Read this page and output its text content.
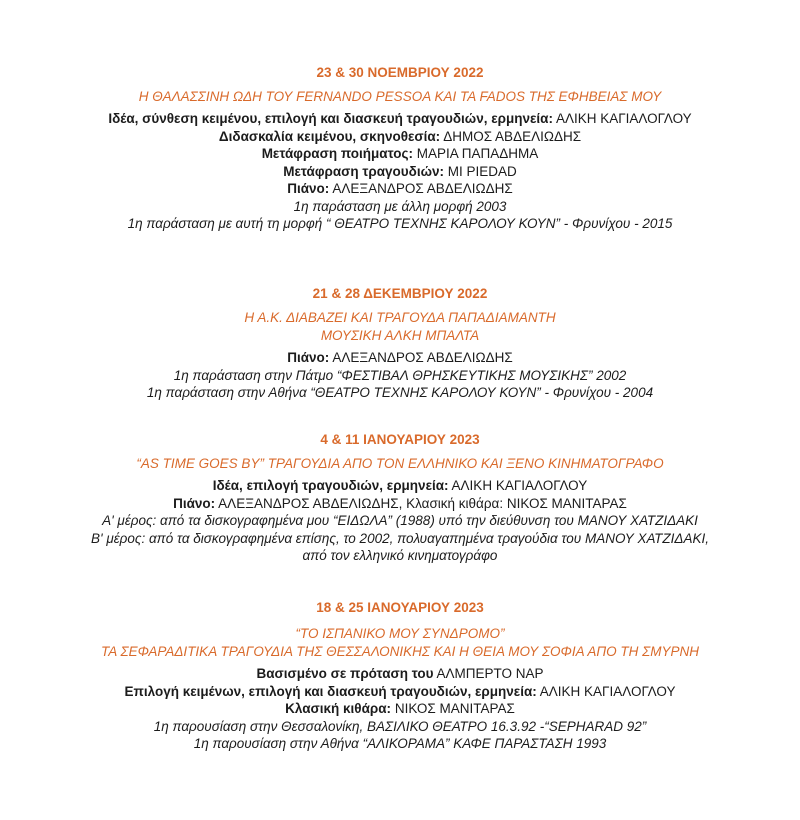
23 & 30 ΝΟΕΜΒΡΙΟΥ 2022
Η ΘΑΛΑΣΣΙΝΗ ΩΔΗ ΤΟΥ FERNANDO PESSOA ΚΑΙ ΤΑ FADOS ΤΗΣ ΕΦΗΒΕΙΑΣ ΜΟΥ
Ιδέα, σύνθεση κειμένου, επιλογή και διασκευή τραγουδιών, ερμηνεία: ΑΛΙΚΗ ΚΑΓΙΑΛΟΓΛΟΥ
Διδασκαλία κειμένου, σκηνοθεσία: ΔΗΜΟΣ ΑΒΔΕΛΙΩΔΗΣ
Μετάφραση ποιήματος: ΜΑΡΙΑ ΠΑΠΑΔΗΜΑ
Μετάφραση τραγουδιών: ΜΙ PIEDAD
Πιάνο: ΑΛΕΞΑΝΔΡΟΣ ΑΒΔΕΛΙΩΔΗΣ
1η παράσταση με άλλη μορφή 2003
1η παράσταση με αυτή τη μορφή “ ΘΕΑΤΡΟ ΤΕΧΝΗΣ ΚΑΡΟΛΟΥ ΚΟΥΝ” - Φρυνίχου - 2015
21 & 28 ΔΕΚΕΜΒΡΙΟΥ 2022
Η Α.Κ. ΔΙΑΒΑΖΕΙ ΚΑΙ ΤΡΑΓΟΥΔΑ ΠΑΠΑΔΙΑΜΑΝΤΗ
ΜΟΥΣΙΚΗ ΑΛΚΗ ΜΠΑΛΤΑ
Πιάνο: ΑΛΕΞΑΝΔΡΟΣ ΑΒΔΕΛΙΩΔΗΣ
1η παράσταση στην Πάτμο “ΦΕΣΤΙΒΑΛ ΘΡΗΣΚΕΥΤΙΚΗΣ ΜΟΥΣΙΚΗΣ” 2002
1η παράσταση στην Αθήνα “ΘΕΑΤΡΟ ΤΕΧΝΗΣ ΚΑΡΟΛΟΥ ΚΟΥΝ” - Φρυνίχου - 2004
4 & 11 ΙΑΝΟΥΑΡΙΟΥ 2023
“AS TIME GOES BY” ΤΡΑΓΟΥΔΙΑ ΑΠΟ ΤΟΝ ΕΛΛΗΝΙΚΟ ΚΑΙ ΞΕΝΟ ΚΙΝΗΜΑΤΟΓΡΑΦΟ
Ιδέα, επιλογή τραγουδιών, ερμηνεία: ΑΛΙΚΗ ΚΑΓΙΑΛΟΓΛΟΥ
Πιάνο: ΑΛΕΞΑΝΔΡΟΣ ΑΒΔΕΛΙΩΔΗΣ, Κλασική κιθάρα: ΝΙΚΟΣ ΜΑΝΙΤΑΡΑΣ
Α' μέρος: από τα δισκογραφημένα μου “ΕΙΔΩΛΑ” (1988) υπό την διεύθυνση του ΜΑΝΟΥ ΧΑΤΖΙΔΑΚΙ
Β' μέρος: από τα δισκογραφημένα επίσης, το 2002, πολυαγαπημένα τραγούδια του ΜΑΝΟΥ ΧΑΤΖΙΔΑΚΙ,
από τον ελληνικό κινηματογράφο
18 & 25 ΙΑΝΟΥΑΡΙΟΥ 2023
“ΤΟ ΙΣΠΑΝΙΚΟ ΜΟΥ ΣΥΝΔΡΟΜΟ”
ΤΑ ΣΕΦΑΡΑΔΙΤΙΚΑ ΤΡΑΓΟΥΔΙΑ ΤΗΣ ΘΕΣΣΑΛΟΝΙΚΗΣ ΚΑΙ Η ΘΕΙΑ ΜΟΥ ΣΟΦΙΑ ΑΠΟ ΤΗ ΣΜΥΡΝΗ
Βασισμένο σε πρόταση του ΑΛΜΠΕΡΤΟ ΝΑΡ
Επιλογή κειμένων, επιλογή και διασκευή τραγουδιών, ερμηνεία: ΑΛΙΚΗ ΚΑΓΙΑΛΟΓΛΟΥ
Κλασική κιθάρα: ΝΙΚΟΣ ΜΑΝΙΤΑΡΑΣ
1η παρουσίαση στην Θεσσαλονίκη, ΒΑΣΙΛΙΚΟ ΘΕΑΤΡΟ 16.3.92 -“SEPHARAD 92”
1η παρουσίαση στην Αθήνα “ΑΛΙΚΟΡΑΜΑ” ΚΑΦΕ ΠΑΡΑΣΤΑΣΗ 1993
